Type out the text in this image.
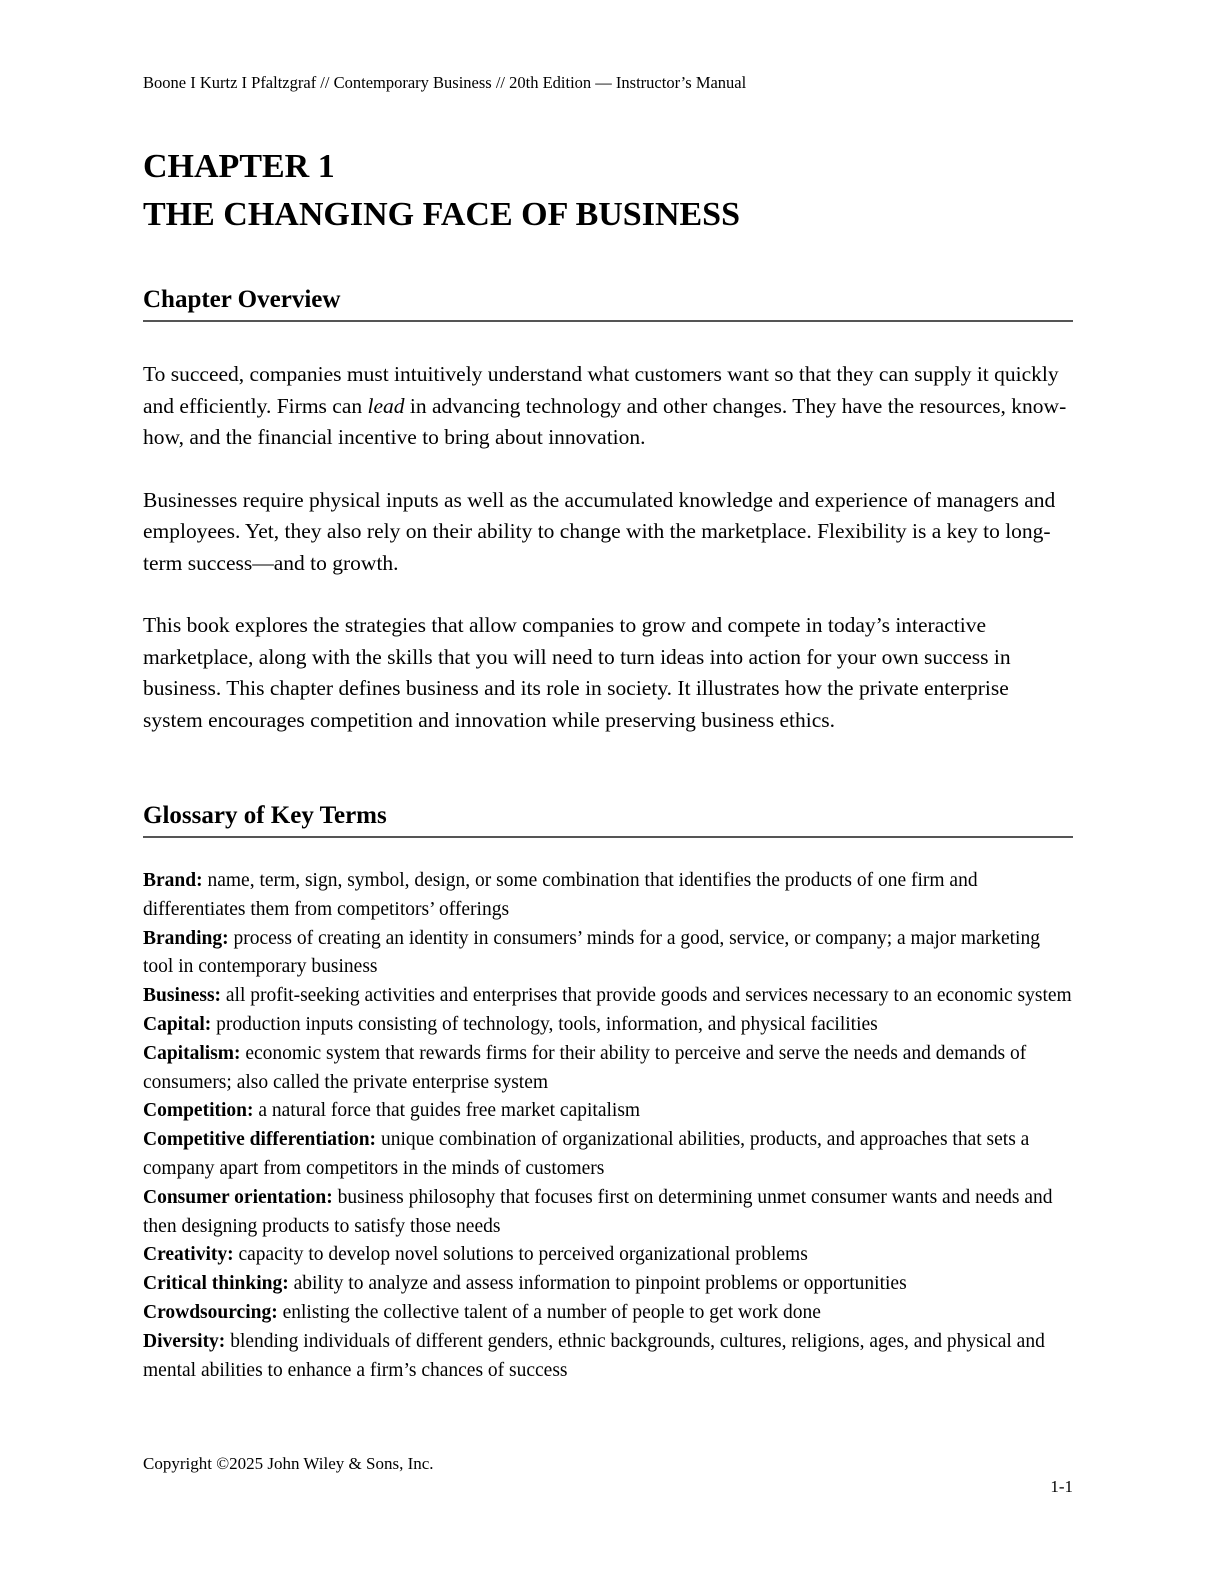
Boone I Kurtz I Pfaltzgraf // Contemporary Business // 20th Edition — Instructor’s Manual
CHAPTER 1
THE CHANGING FACE OF BUSINESS
Chapter Overview

To succeed, companies must intuitively understand what customers want so that they can supply it quickly and efficiently. Firms can lead in advancing technology and other changes. They have the resources, know-how, and the financial incentive to bring about innovation.

Businesses require physical inputs as well as the accumulated knowledge and experience of managers and employees. Yet, they also rely on their ability to change with the marketplace. Flexibility is a key to long-term success—and to growth.

This book explores the strategies that allow companies to grow and compete in today’s interactive marketplace, along with the skills that you will need to turn ideas into action for your own success in business. This chapter defines business and its role in society. It illustrates how the private enterprise system encourages competition and innovation while preserving business ethics.

Glossary of Key Terms

Brand: name, term, sign, symbol, design, or some combination that identifies the products of one firm and differentiates them from competitors’ offerings

Branding: process of creating an identity in consumers’ minds for a good, service, or company; a major marketing tool in contemporary business

Business: all profit-seeking activities and enterprises that provide goods and services necessary to an economic system

Capital: production inputs consisting of technology, tools, information, and physical facilities

Capitalism: economic system that rewards firms for their ability to perceive and serve the needs and demands of consumers; also called the private enterprise system

Competition: a natural force that guides free market capitalism

Competitive differentiation: unique combination of organizational abilities, products, and approaches that sets a company apart from competitors in the minds of customers

Consumer orientation: business philosophy that focuses first on determining unmet consumer wants and needs and then designing products to satisfy those needs

Creativity: capacity to develop novel solutions to perceived organizational problems

Critical thinking: ability to analyze and assess information to pinpoint problems or opportunities

Crowdsourcing: enlisting the collective talent of a number of people to get work done

Diversity: blending individuals of different genders, ethnic backgrounds, cultures, religions, ages, and physical and mental abilities to enhance a firm’s chances of success

Copyright ©2025 John Wiley & Sons, Inc.
1-1
